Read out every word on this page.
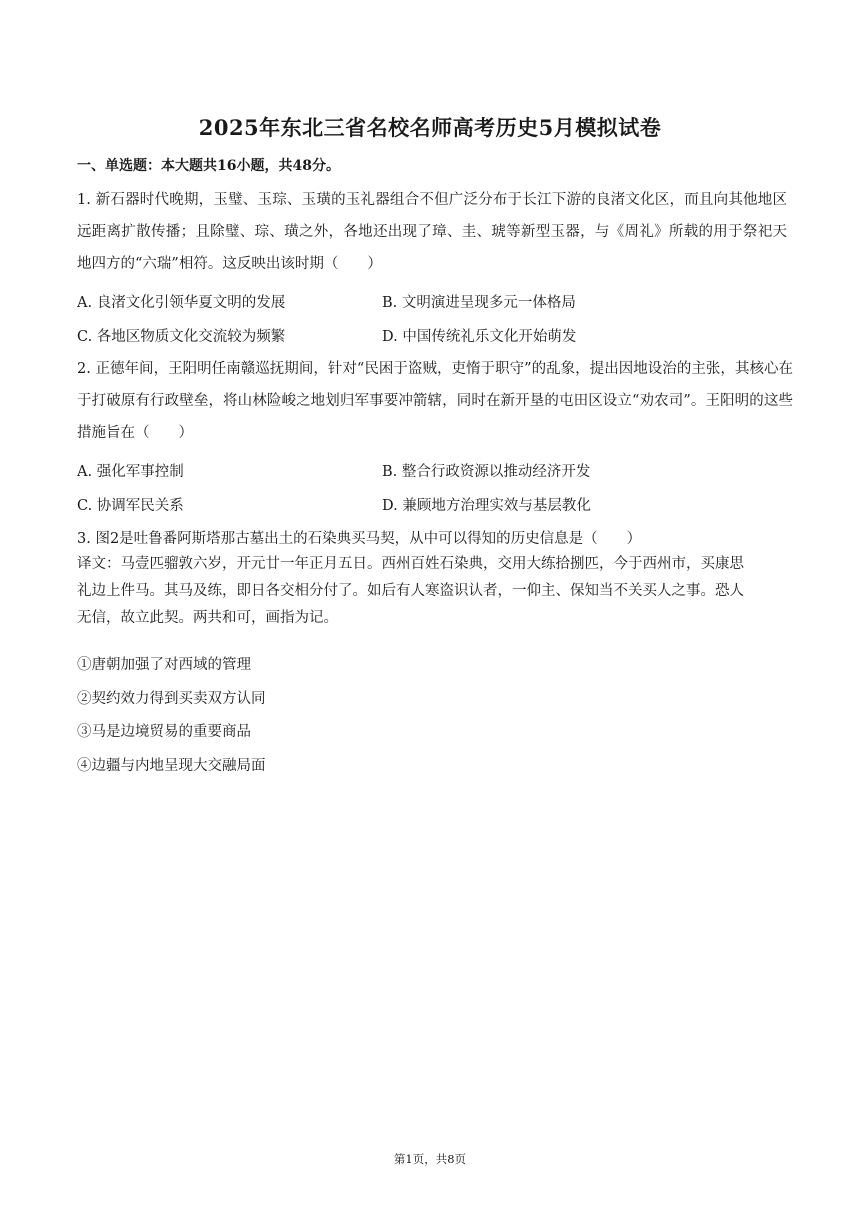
2025年东北三省名校名师高考历史5月模拟试卷
一、单选题：本大题共16小题，共48分。
1. 新石器时代晚期，玉璧、玉琮、玉璜的玉礼器组合不但广泛分布于长江下游的良渚文化区，而且向其他地区远距离扩散传播；且除璧、琮、璜之外，各地还出现了璋、圭、琥等新型玉器，与《周礼》所载的用于祭祀天地四方的“六瑞”相符。这反映出该时期（　　）
A. 良渚文化引领华夏文明的发展	B. 文明演进呈现多元一体格局
C. 各地区物质文化交流较为频繁	D. 中国传统礼乐文化开始萌发
2. 正德年间，王阳明任南赣巡抚期间，针对“民困于盗贼，吏惰于职守”的乱象，提出因地设治的主张，其核心在于打破原有行政壁垒，将山林险峻之地划归军事要冲箭辖，同时在新开垦的屯田区设立“劝农司”。王阳明的这些措施旨在（　　）
A. 强化军事控制	B. 整合行政资源以推动经济开发
C. 协调军民关系	D. 兼顾地方治理实效与基层教化
3. 图2是吐鲁番阿斯塔那古墓出土的石染典买马契，从中可以得知的历史信息是（　　）
译文：马壹匹骝敦六岁，开元廿一年正月五日。西州百姓石染典，交用大练拾捌匹，今于西州市，买康思礼边上件马。其马及练，即日各交相分付了。如后有人寒盗识认者，一仰主、保知当不关买人之事。恐人无信，故立此契。两共和可，画指为记。
①唐朝加强了对西域的管理
②契约效力得到买卖双方认同
③马是边境贸易的重要商品
④边疆与内地呈现大交融局面
第1页，共8页
